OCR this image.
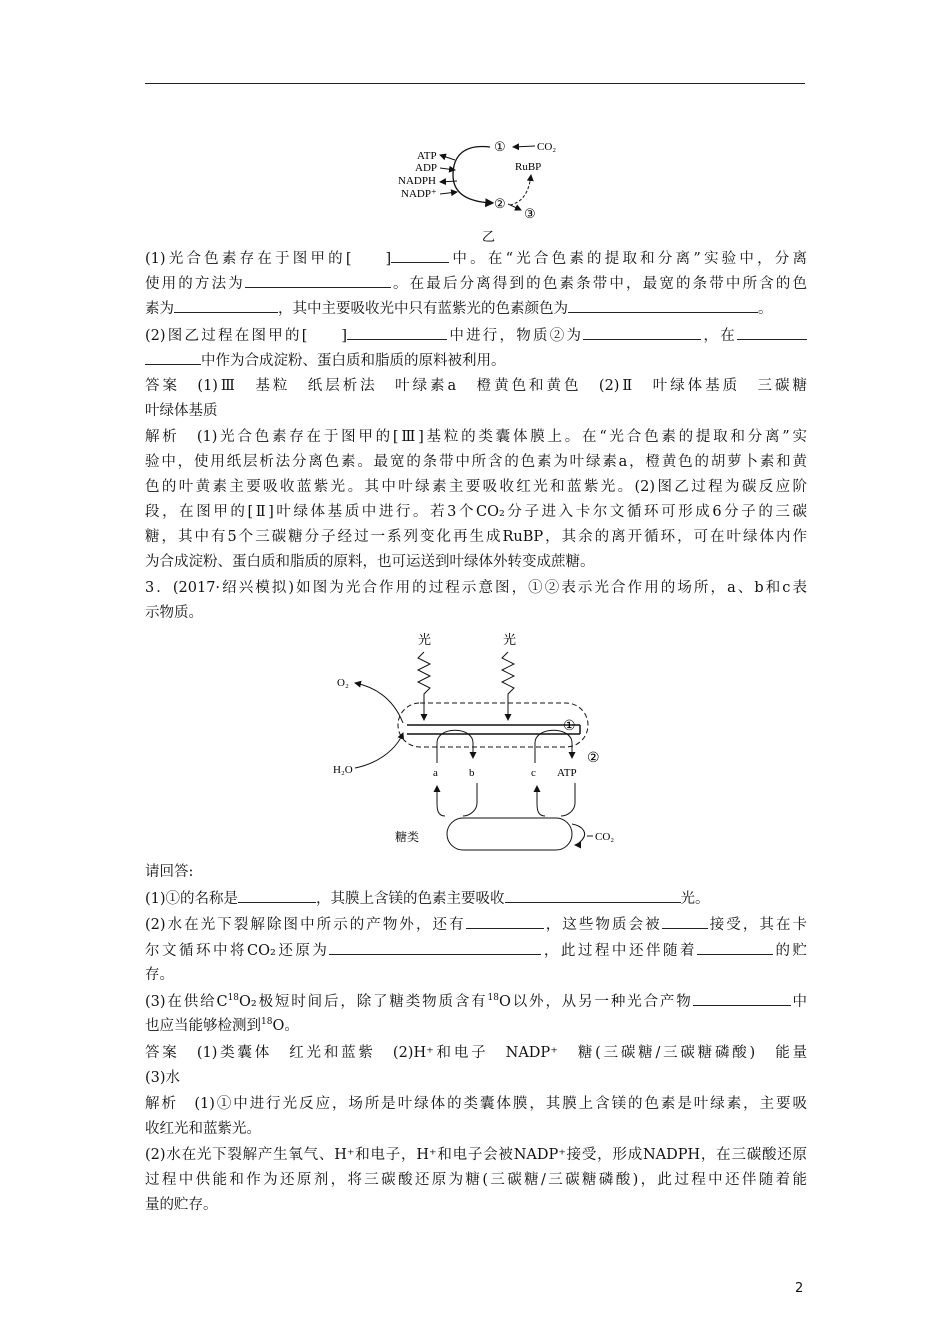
ATP
ADP
NADPH
NADP⁺
①	CO₂
RuBP
②
③
乙
(1)光合色素存在于图甲的[ ]	中。在“光合色素的提取和分离”实验中，分离
使用的方法为	。在最后分离得到的色素条带中，最宽的条带中所含的色
素为	，其中主要吸收光中只有蓝紫光的色素颜色为	。
(2)图乙过程在图甲的[ ]	中进行，物质②为	，在
中作为合成淀粉、蛋白质和脂质的原料被利用。
答案　(1)Ⅲ　基粒　纸层析法　叶绿素a　橙黄色和黄色　(2)Ⅱ　叶绿体基质　三碳糖
叶绿体基质
解析　(1)光合色素存在于图甲的[Ⅲ]基粒的类囊体膜上。在“光合色素的提取和分离”实
验中，使用纸层析法分离色素。最宽的条带中所含的色素为叶绿素a，橙黄色的胡萝卜素和黄
色的叶黄素主要吸收蓝紫光。其中叶绿素主要吸收红光和蓝紫光。(2)图乙过程为碳反应阶
段，在图甲的[Ⅱ]叶绿体基质中进行。若3个CO₂分子进入卡尔文循环可形成6分子的三碳
糖，其中有5个三碳糖分子经过一系列变化再生成RuBP，其余的离开循环，可在叶绿体内作
为合成淀粉、蛋白质和脂质的原料，也可运送到叶绿体外转变成蔗糖。
3．(2017·绍兴模拟)如图为光合作用的过程示意图，①②表示光合作用的场所，a、b和c表
示物质。
光	光
O₂
H₂O
①
②
a	b	c ATP
糖类	CO₂
请回答:
(1)①的名称是	，其膜上含镁的色素主要吸收	光。
(2)水在光下裂解除图中所示的产物外，还有	，这些物质会被	接受，其在卡
尔文循环中将CO₂还原为	，此过程中还伴随着	的贮
存。
(3)在供给$C^{18}O_2$极短时间后，除了糖类物质含有$^{18}$O以外，从另一种光合产物	中
也应当能够检测到$^{18}$O。
答案　(1)类囊体　红光和蓝紫　(2)H⁺和电子　NADP⁺　糖(三碳糖/三碳糖磷酸)　能量
(3)水
解析　(1)①中进行光反应，场所是叶绿体的类囊体膜，其膜上含镁的色素是叶绿素，主要吸
收红光和蓝紫光。
(2)水在光下裂解产生氧气、H⁺和电子，H⁺和电子会被NADP⁺接受，形成NADPH，在三碳酸还原
过程中供能和作为还原剂，将三碳酸还原为糖(三碳糖/三碳糖磷酸)，此过程中还伴随着能
量的贮存。
2
